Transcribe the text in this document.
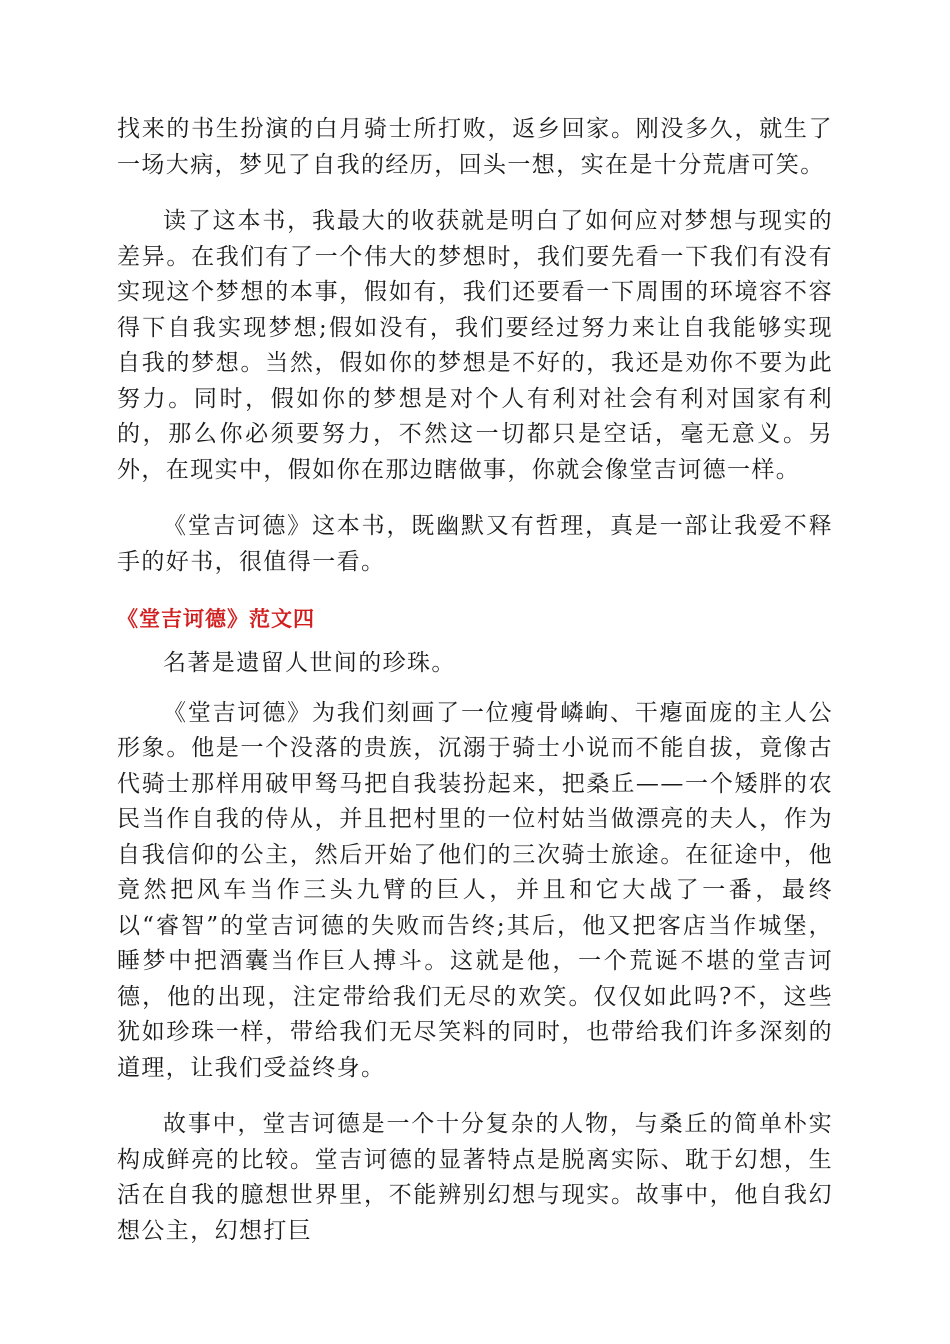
找来的书生扮演的白月骑士所打败，返乡回家。刚没多久，就生了一场大病，梦见了自我的经历，回头一想，实在是十分荒唐可笑。

读了这本书，我最大的收获就是明白了如何应对梦想与现实的差异。在我们有了一个伟大的梦想时，我们要先看一下我们有没有实现这个梦想的本事，假如有，我们还要看一下周围的环境容不容得下自我实现梦想;假如没有，我们要经过努力来让自我能够实现自我的梦想。当然，假如你的梦想是不好的，我还是劝你不要为此努力。同时，假如你的梦想是对个人有利对社会有利对国家有利的，那么你必须要努力，不然这一切都只是空话，毫无意义。另外，在现实中，假如你在那边瞎做事，你就会像堂吉诃德一样。

《堂吉诃德》这本书，既幽默又有哲理，真是一部让我爱不释手的好书，很值得一看。

《堂吉诃德》范文四

名著是遗留人世间的珍珠。

《堂吉诃德》为我们刻画了一位瘦骨嶙峋、干瘪面庞的主人公形象。他是一个没落的贵族，沉溺于骑士小说而不能自拔，竟像古代骑士那样用破甲驽马把自我装扮起来，把桑丘——一个矮胖的农民当作自我的侍从，并且把村里的一位村姑当做漂亮的夫人，作为自我信仰的公主，然后开始了他们的三次骑士旅途。在征途中，他竟然把风车当作三头九臂的巨人，并且和它大战了一番，最终以“睿智”的堂吉诃德的失败而告终;其后，他又把客店当作城堡，睡梦中把酒囊当作巨人搏斗。这就是他，一个荒诞不堪的堂吉诃德，他的出现，注定带给我们无尽的欢笑。仅仅如此吗?不，这些犹如珍珠一样，带给我们无尽笑料的同时，也带给我们许多深刻的道理，让我们受益终身。

故事中，堂吉诃德是一个十分复杂的人物，与桑丘的简单朴实构成鲜亮的比较。堂吉诃德的显著特点是脱离实际、耽于幻想，生活在自我的臆想世界里，不能辨别幻想与现实。故事中，他自我幻想公主，幻想打巨
